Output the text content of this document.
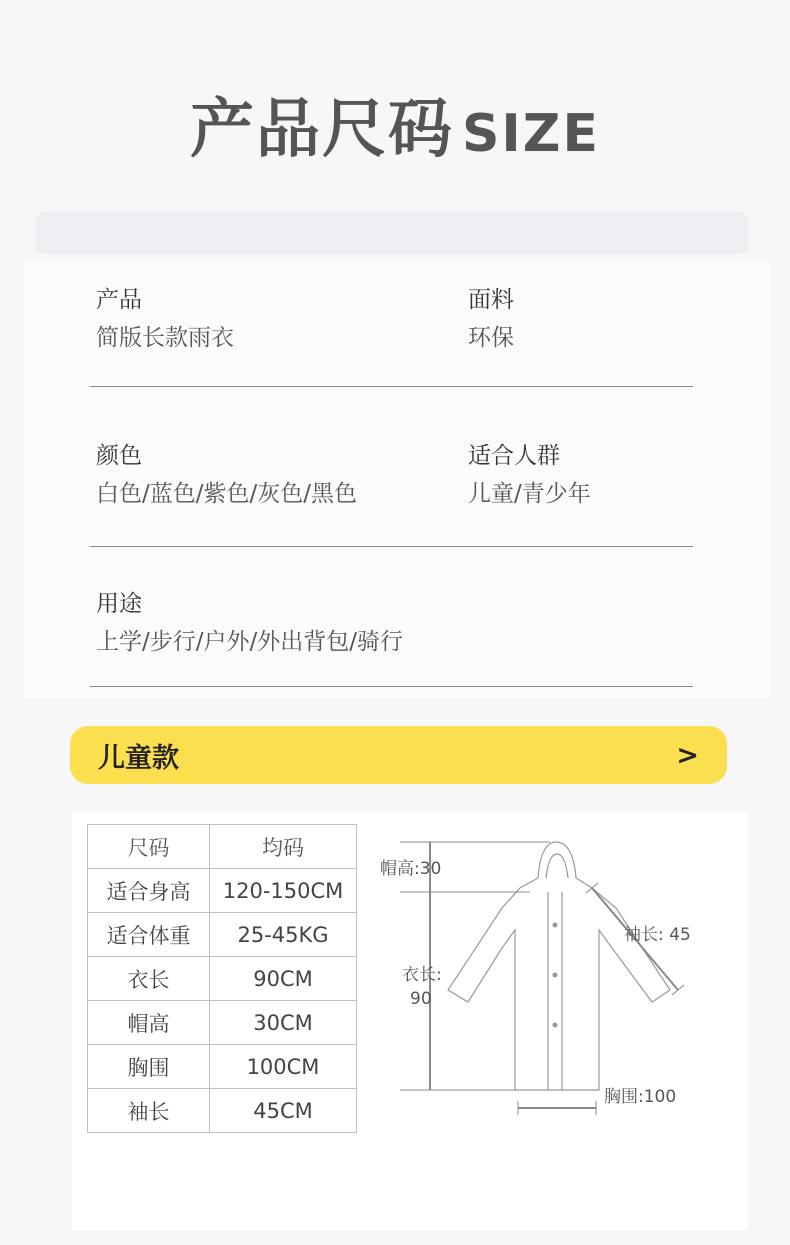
产品尺码 SIZE
产品
简版长款雨衣
面料
环保
颜色
白色/蓝色/紫色/灰色/黑色
适合人群
儿童/青少年
用途
上学/步行/户外/外出背包/骑行
儿童款	>
尺码	均码
适合身高	120-150CM
适合体重	25-45KG
衣长	90CM
帽高	30CM
胸围	100CM
袖长	45CM
帽高:30
袖长: 45
衣长:
90
胸围:100
